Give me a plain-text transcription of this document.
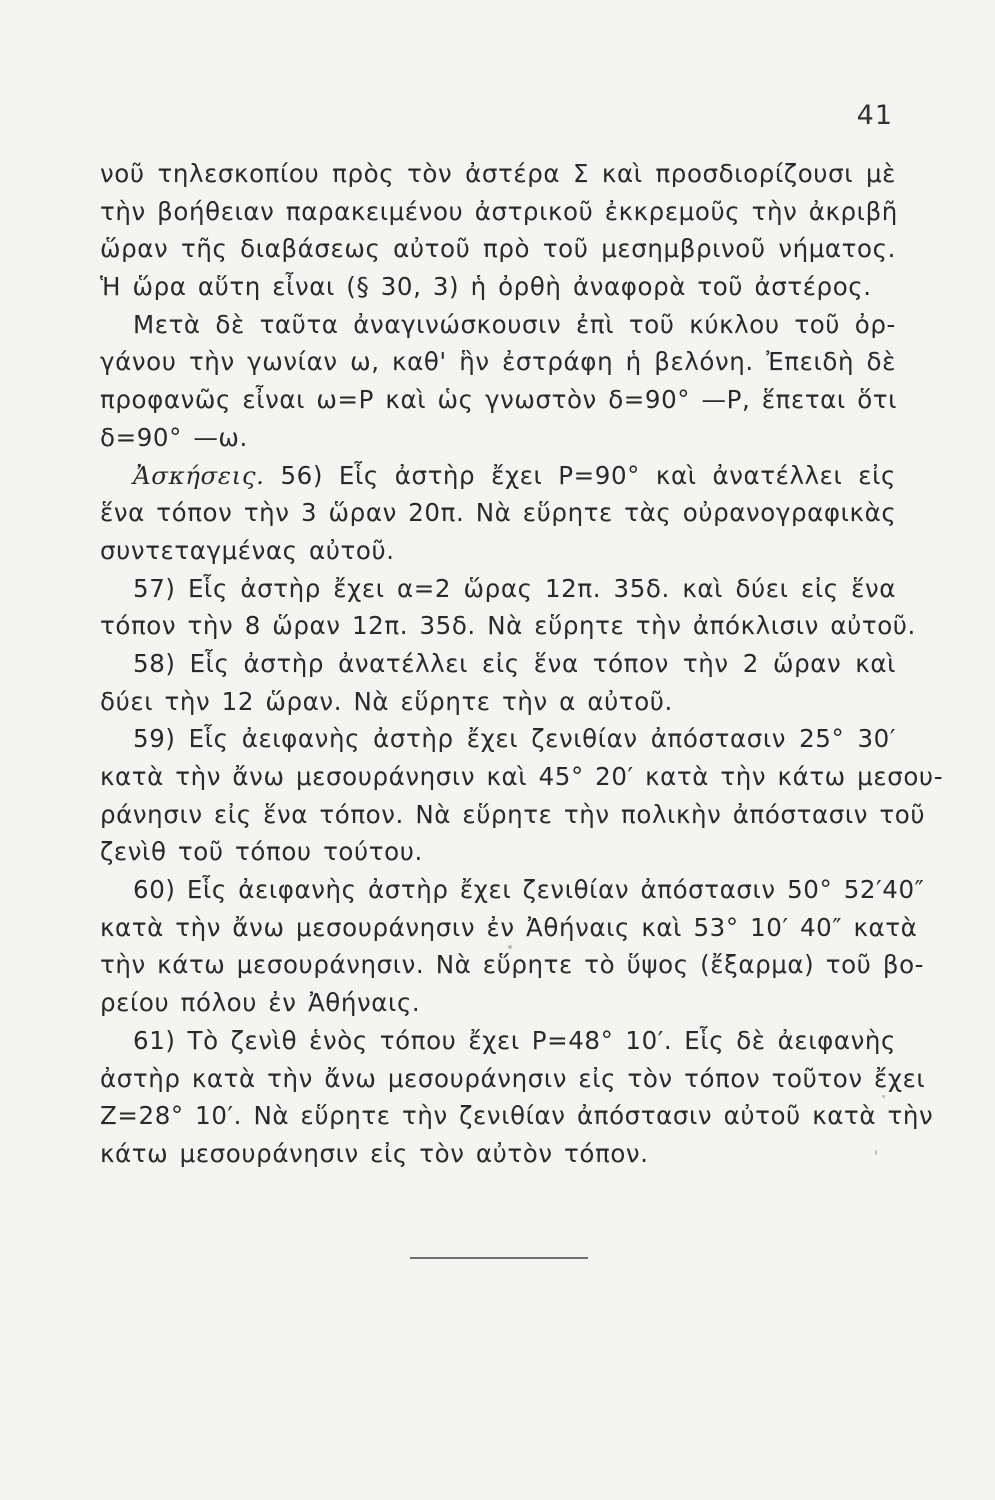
41
νοῦ τηλεσκοπίου πρὸς τὸν ἀστέρα Σ καὶ προσδιορίζουσι μὲ
τὴν βοήθειαν παρακειμένου ἀστρικοῦ ἐκκρεμοῦς τὴν ἀκριβῆ
ὥραν τῆς διαβάσεως αὐτοῦ πρὸ τοῦ μεσημβρινοῦ νήματος.
Ἡ ὥρα αὕτη εἶναι (§ 30, 3) ἡ ὀρθὴ ἀναφορὰ τοῦ ἀστέρος.
Μετὰ δὲ ταῦτα ἀναγινώσκουσιν ἐπὶ τοῦ κύκλου τοῦ ὀρ-
γάνου τὴν γωνίαν ω, καθ' ἣν ἐστράφη ἡ βελόνη. Ἐπειδὴ δὲ
προφανῶς εἶναι ω=Ρ καὶ ὡς γνωστὸν δ=90° —Ρ, ἕπεται ὅτι
δ=90° —ω.
Ἀσκήσεις. 56) Εἷς ἀστὴρ ἔχει Ρ=90° καὶ ἀνατέλλει εἰς
ἕνα τόπον τὴν 3 ὥραν 20π. Νὰ εὕρητε τὰς οὐρανογραφικὰς
συντεταγμένας αὐτοῦ.
57) Εἷς ἀστὴρ ἔχει α=2 ὥρας 12π. 35δ. καὶ δύει εἰς ἕνα
τόπον τὴν 8 ὥραν 12π. 35δ. Νὰ εὕρητε τὴν ἀπόκλισιν αὐτοῦ.
58) Εἷς ἀστὴρ ἀνατέλλει εἰς ἕνα τόπον τὴν 2 ὥραν καὶ
δύει τὴν 12 ὥραν. Νὰ εὕρητε τὴν α αὐτοῦ.
59) Εἷς ἀειφανὴς ἀστὴρ ἔχει ζενιθίαν ἀπόστασιν 25° 30′
κατὰ τὴν ἄνω μεσουράνησιν καὶ 45° 20′ κατὰ τὴν κάτω μεσου-
ράνησιν εἰς ἕνα τόπον. Νὰ εὕρητε τὴν πολικὴν ἀπόστασιν τοῦ
ζενὶθ τοῦ τόπου τούτου.
60) Εἷς ἀειφανὴς ἀστὴρ ἔχει ζενιθίαν ἀπόστασιν 50° 52′40″
κατὰ τὴν ἄνω μεσουράνησιν ἐν Ἀθήναις καὶ 53° 10′ 40″ κατὰ
τὴν κάτω μεσουράνησιν. Νὰ εὕρητε τὸ ὕψος (ἔξαρμα) τοῦ βο-
ρείου πόλου ἐν Ἀθήναις.
61) Τὸ ζενὶθ ἑνὸς τόπου ἔχει Ρ=48° 10′. Εἷς δὲ ἀειφανὴς
ἀστὴρ κατὰ τὴν ἄνω μεσουράνησιν εἰς τὸν τόπον τοῦτον ἔχει
Ζ=28° 10′. Νὰ εὕρητε τὴν ζενιθίαν ἀπόστασιν αὐτοῦ κατὰ τὴν
κάτω μεσουράνησιν εἰς τὸν αὐτὸν τόπον.
